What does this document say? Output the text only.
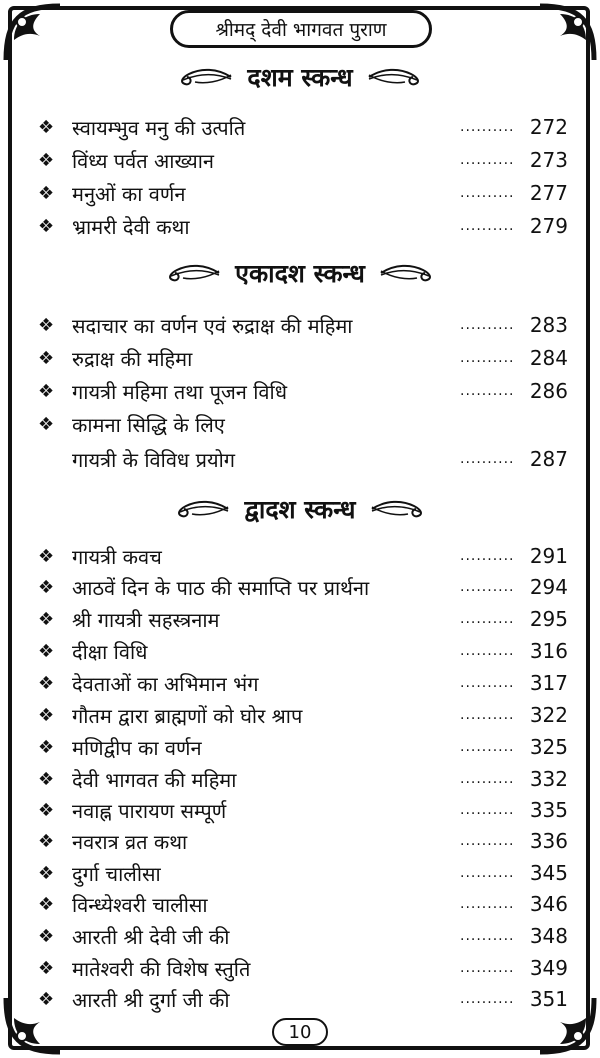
श्रीमद् देवी भागवत पुराण
दशम स्कन्ध
❖ स्वायम्भुव मनु की उत्पति	.......... 272
❖ विंध्य पर्वत आख्यान	.......... 273
❖ मनुओं का वर्णन	.......... 277
❖ भ्रामरी देवी कथा	.......... 279
एकादश स्कन्ध
❖ सदाचार का वर्णन एवं रुद्राक्ष की महिमा	.......... 283
❖ रुद्राक्ष की महिमा	.......... 284
❖ गायत्री महिमा तथा पूजन विधि	.......... 286
❖ कामना सिद्धि के लिए
गायत्री के विविध प्रयोग	.......... 287
द्वादश स्कन्ध
❖ गायत्री कवच	.......... 291
❖ आठवें दिन के पाठ की समाप्ति पर प्रार्थना	.......... 294
❖ श्री गायत्री सहस्त्रनाम	.......... 295
❖ दीक्षा विधि	.......... 316
❖ देवताओं का अभिमान भंग	.......... 317
❖ गौतम द्वारा ब्राह्मणों को घोर श्राप	.......... 322
❖ मणिद्वीप का वर्णन	.......... 325
❖ देवी भागवत की महिमा	.......... 332
❖ नवाह्न पारायण सम्पूर्ण	.......... 335
❖ नवरात्र व्रत कथा	.......... 336
❖ दुर्गा चालीसा	.......... 345
❖ विन्ध्येश्वरी चालीसा	.......... 346
❖ आरती श्री देवी जी की	.......... 348
❖ मातेश्वरी की विशेष स्तुति	.......... 349
❖ आरती श्री दुर्गा जी की	.......... 351
10
